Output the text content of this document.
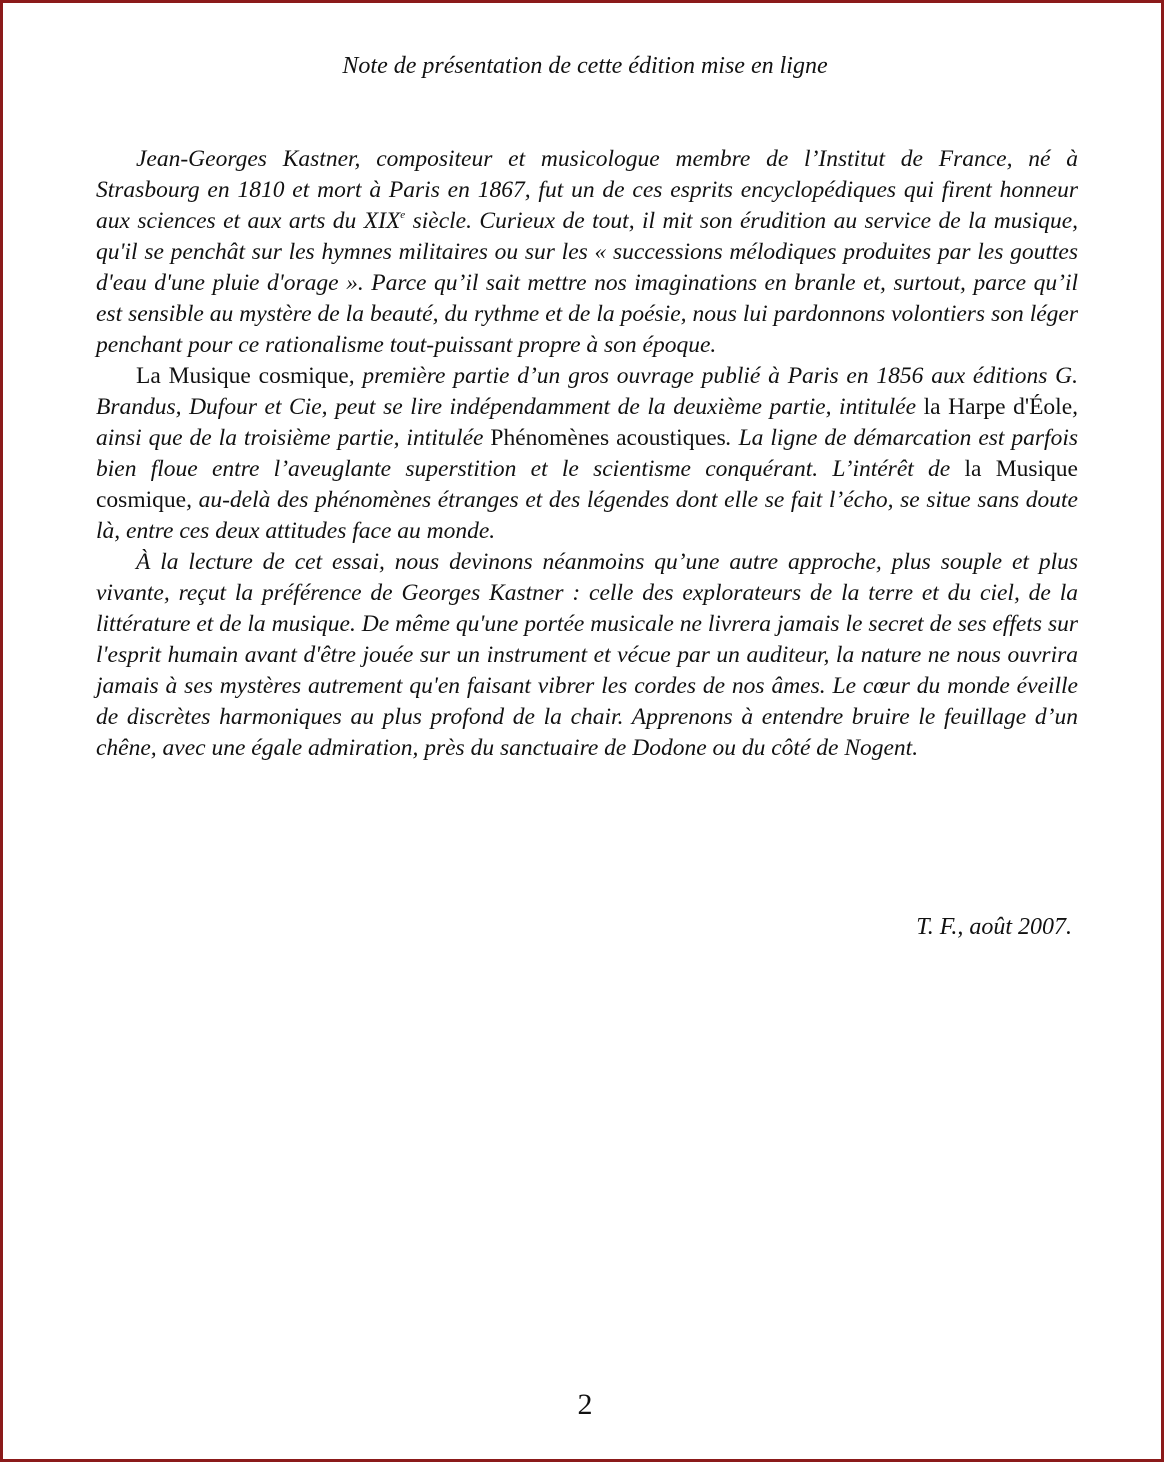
Note de présentation de cette édition mise en ligne

Jean-Georges Kastner, compositeur et musicologue membre de l’Institut de France, né à Strasbourg en 1810 et mort à Paris en 1867, fut un de ces esprits encyclopédiques qui firent honneur aux sciences et aux arts du XIXe siècle. Curieux de tout, il mit son érudition au service de la musique, qu'il se penchât sur les hymnes militaires ou sur les « successions mélodiques produites par les gouttes d'eau d'une pluie d'orage ». Parce qu’il sait mettre nos imaginations en branle et, surtout, parce qu’il est sensible au mystère de la beauté, du rythme et de la poésie, nous lui pardonnons volontiers son léger penchant pour ce rationalisme tout-puissant propre à son époque.

La Musique cosmique, première partie d’un gros ouvrage publié à Paris en 1856 aux éditions G. Brandus, Dufour et Cie, peut se lire indépendamment de la deuxième partie, intitulée la Harpe d'Éole, ainsi que de la troisième partie, intitulée Phénomènes acoustiques. La ligne de démarcation est parfois bien floue entre l’aveuglante superstition et le scientisme conquérant. L’intérêt de la Musique cosmique, au-delà des phénomènes étranges et des légendes dont elle se fait l’écho, se situe sans doute là, entre ces deux attitudes face au monde.

À la lecture de cet essai, nous devinons néanmoins qu’une autre approche, plus souple et plus vivante, reçut la préférence de Georges Kastner : celle des explorateurs de la terre et du ciel, de la littérature et de la musique. De même qu'une portée musicale ne livrera jamais le secret de ses effets sur l'esprit humain avant d'être jouée sur un instrument et vécue par un auditeur, la nature ne nous ouvrira jamais à ses mystères autrement qu'en faisant vibrer les cordes de nos âmes. Le cœur du monde éveille de discrètes harmoniques au plus profond de la chair. Apprenons à entendre bruire le feuillage d’un chêne, avec une égale admiration, près du sanctuaire de Dodone ou du côté de Nogent.

T. F., août 2007.
2
